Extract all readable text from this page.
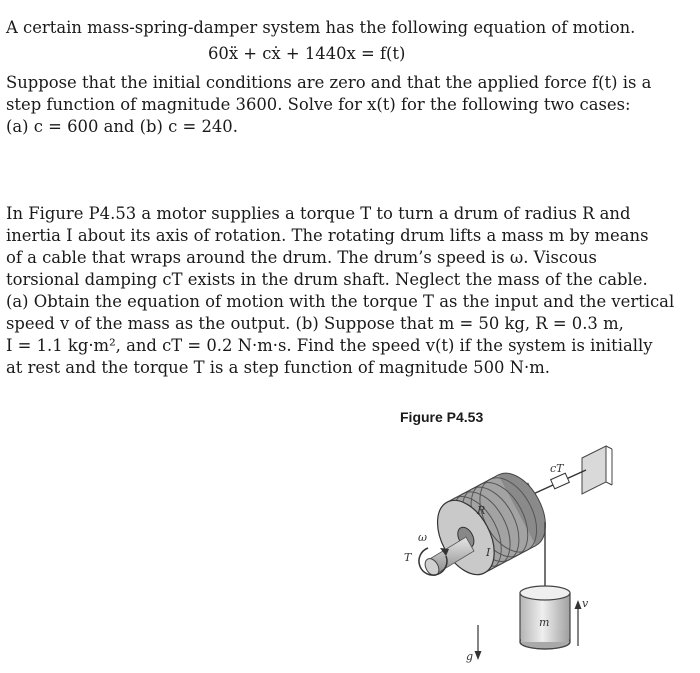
A certain mass-spring-damper system has the following equation of motion.
60ẍ + cẋ + 1440x = f(t)
Suppose that the initial conditions are zero and that the applied force f(t) is a
step function of magnitude 3600. Solve for x(t) for the following two cases:
(a) c = 600 and (b) c = 240.
In Figure P4.53 a motor supplies a torque T to turn a drum of radius R and
inertia I about its axis of rotation. The rotating drum lifts a mass m by means
of a cable that wraps around the drum. The drum’s speed is ω. Viscous
torsional damping cT exists in the drum shaft. Neglect the mass of the cable.
(a) Obtain the equation of motion with the torque T as the input and the vertical
speed v of the mass as the output. (b) Suppose that m = 50 kg, R = 0.3 m,
I = 1.1 kg·m², and cT = 0.2 N·m·s. Find the speed v(t) if the system is initially
at rest and the torque T is a step function of magnitude 500 N·m.
Figure P4.53
cT
R
I
ω
T
m
v
g
